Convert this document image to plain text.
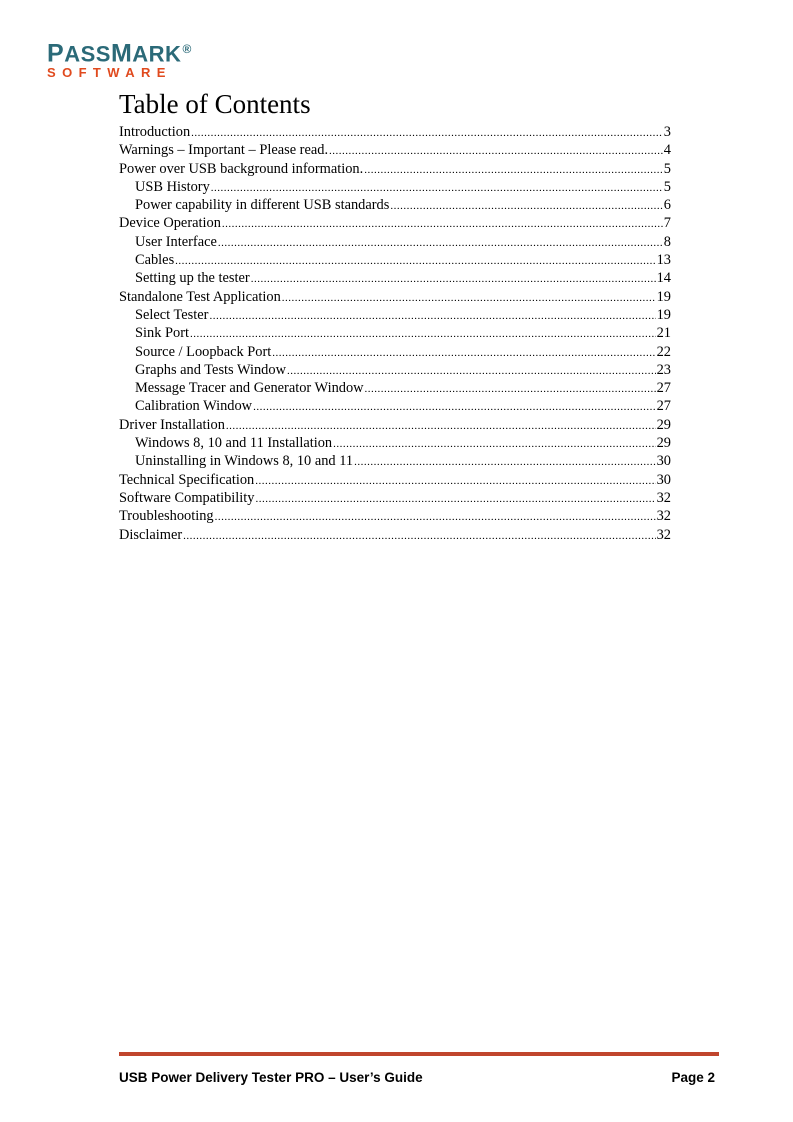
PASSMARK®
SOFTWARE
Table of Contents
Introduction .....	3
Warnings – Important – Please read. .....	4
Power over USB background information. .....	5
USB History .....	5
Power capability in different USB standards .....	6
Device Operation .....	7
User Interface .....	8
Cables .....	13
Setting up the tester .....	14
Standalone Test Application .....	19
Select Tester .....	19
Sink Port .....	21
Source / Loopback Port .....	22
Graphs and Tests Window .....	23
Message Tracer and Generator Window .....	27
Calibration Window .....	27
Driver Installation .....	29
Windows 8, 10 and 11 Installation .....	29
Uninstalling in Windows 8, 10 and 11 .....	30
Technical Specification .....	30
Software Compatibility .....	32
Troubleshooting .....	32
Disclaimer .....	32
USB Power Delivery Tester PRO – User’s Guide	Page 2
